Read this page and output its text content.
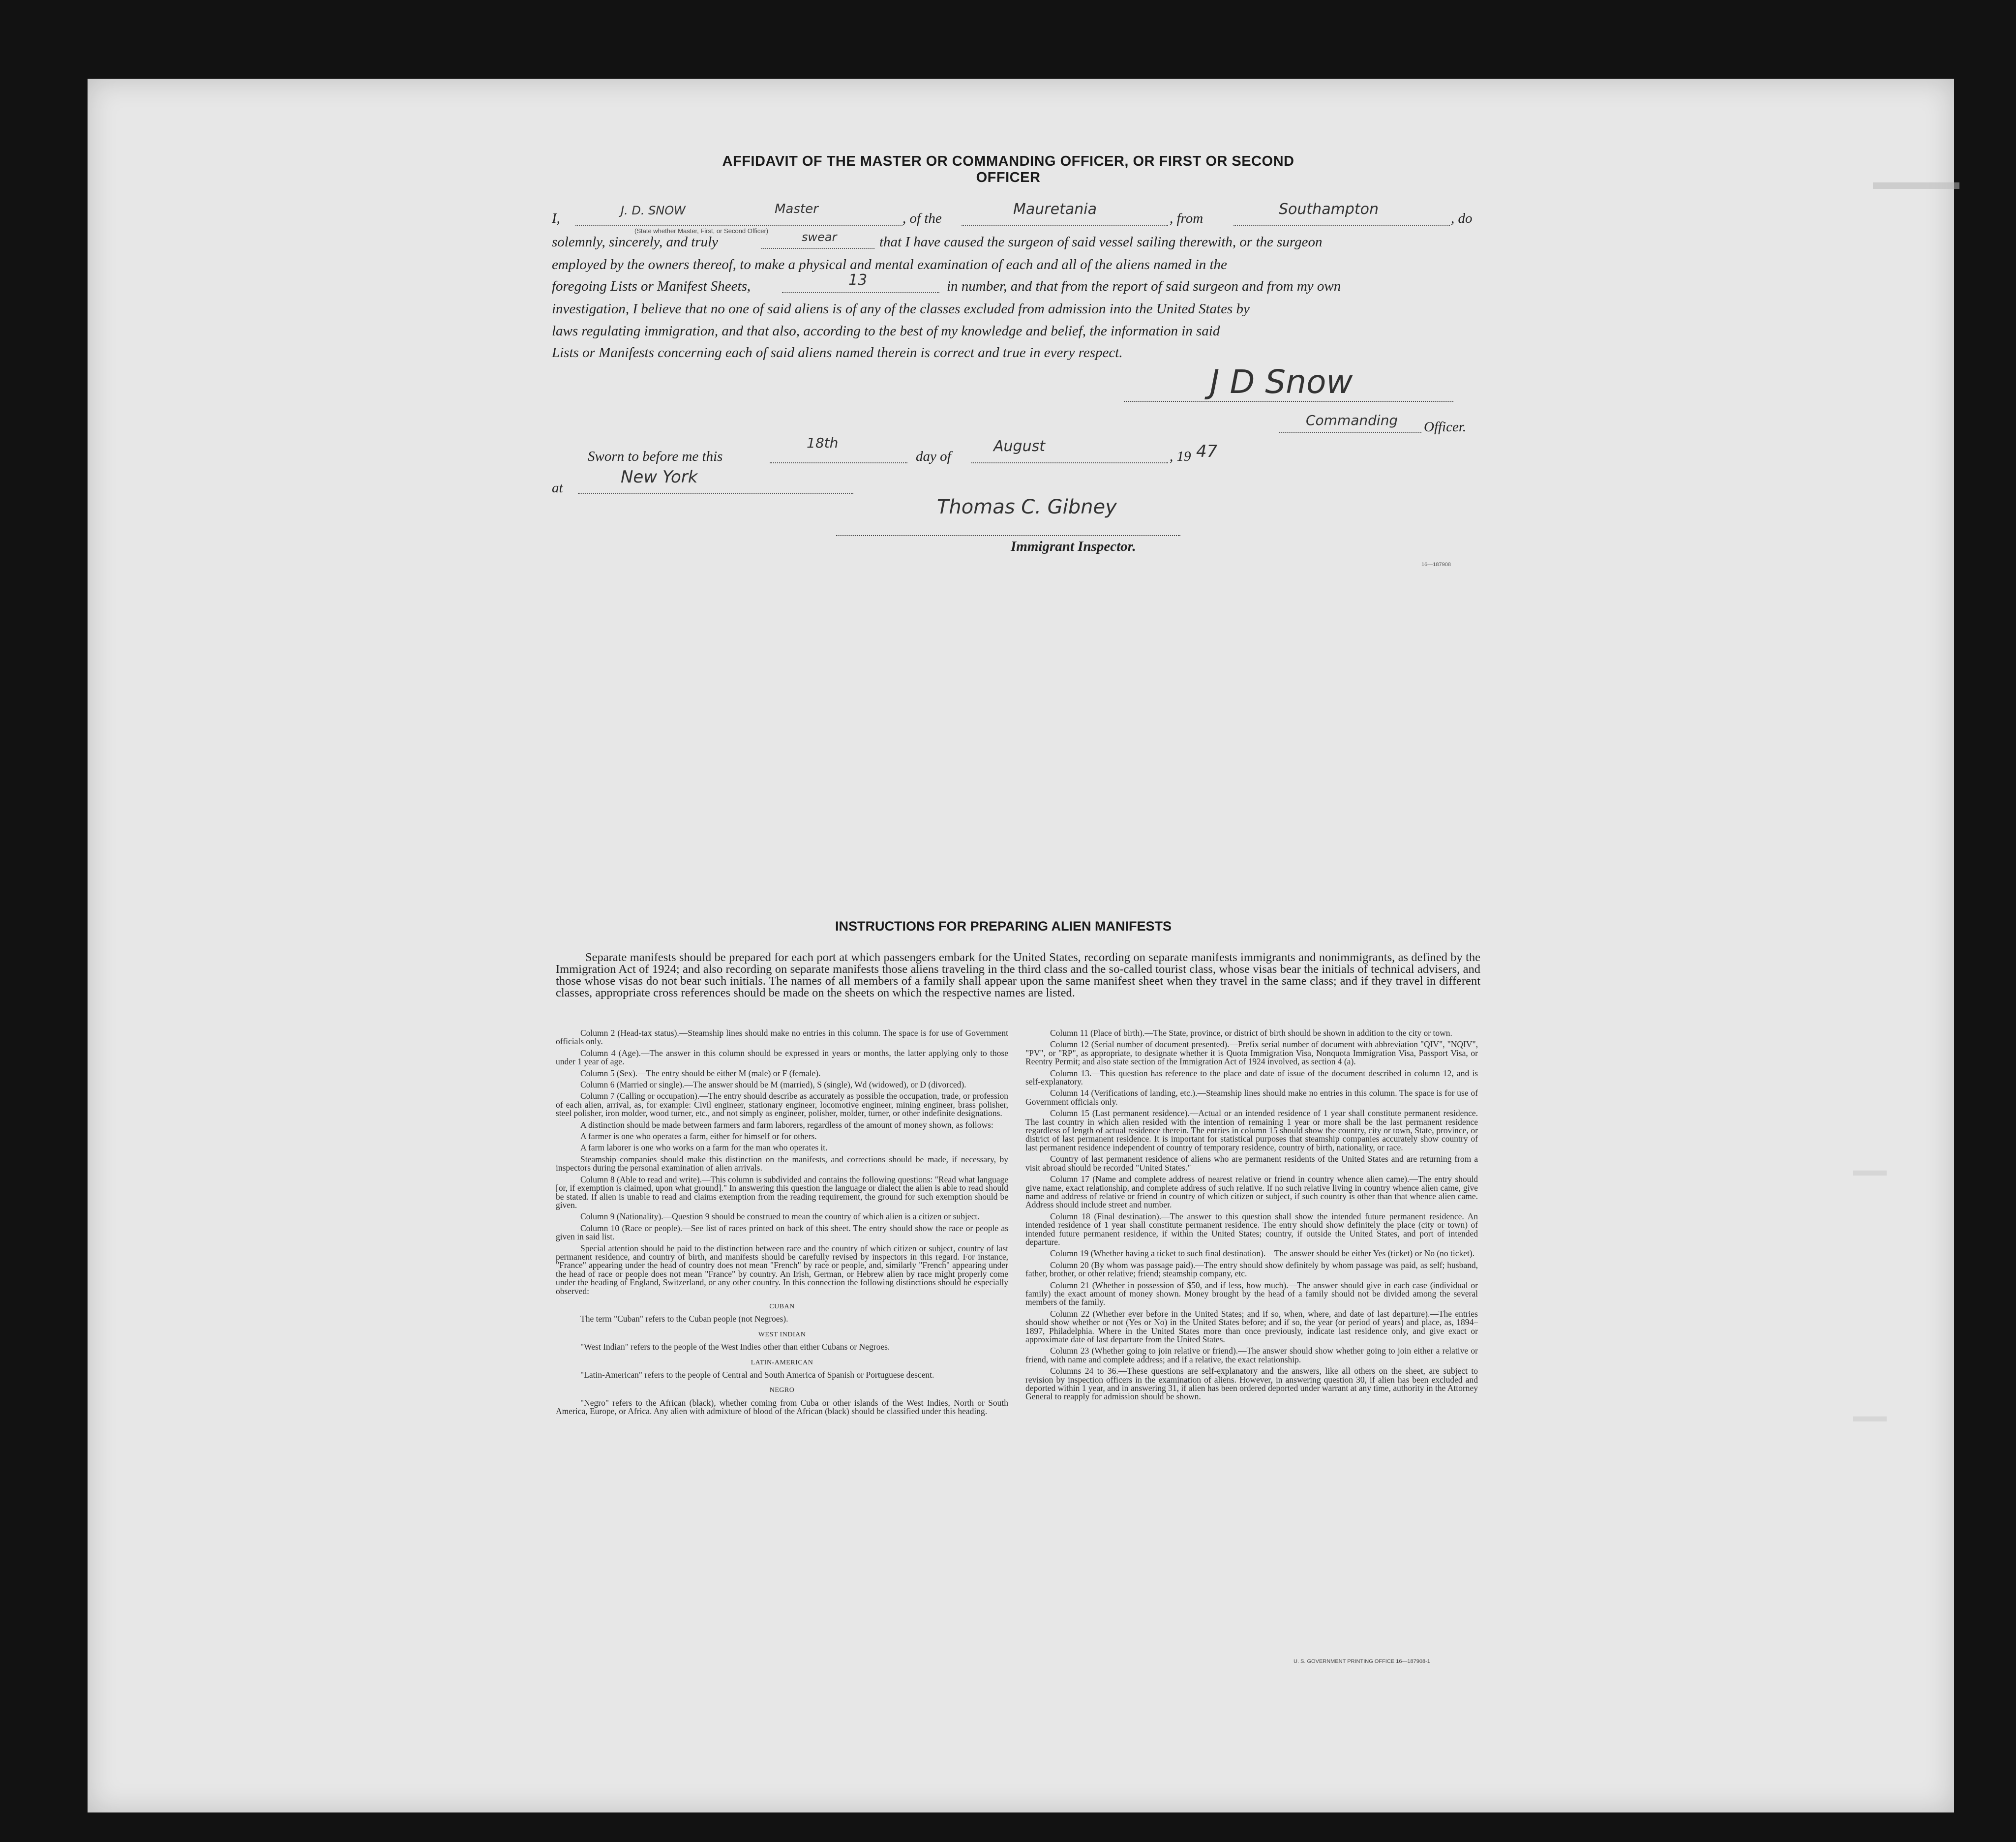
▬▬▬▬
▬▬
▬▬
AFFIDAVIT OF THE MASTER OR COMMANDING OFFICER, OR FIRST OR SECOND OFFICER
I,	J. D. SNOW	Master
(State whether Master, First, or Second Officer)
, of the
Mauretania
, from
Southampton
, do
solemnly, sincerely, and truly	swear	that I have caused the surgeon of said vessel sailing therewith, or the surgeon
employed by the owners thereof, to make a physical and mental examination of each and all of the aliens named in the
foregoing Lists or Manifest Sheets,	13	in number, and that from the report of said surgeon and from my own
investigation, I believe that no one of said aliens is of any of the classes excluded from admission into the United States by
laws regulating immigration, and that also, according to the best of my knowledge and belief, the information in said
Lists or Manifests concerning each of said aliens named therein is correct and true in every respect.
J D Snow
Commanding Officer.
Sworn to before me this
18th
day of
August
, 19 47
at
New York
Thomas C. Gibney
Immigrant Inspector.
16—187908
INSTRUCTIONS FOR PREPARING ALIEN MANIFESTS
Separate manifests should be prepared for each port at which passengers embark for the United States, recording on separate manifests immigrants and nonimmigrants, as defined by the Immigration Act of 1924; and also recording on separate manifests those aliens traveling in the third class and the so-called tourist class, whose visas bear the initials of technical advisers, and those whose visas do not bear such initials. The names of all members of a family shall appear upon the same manifest sheet when they travel in the same class; and if they travel in different classes, appropriate cross references should be made on the sheets on which the respective names are listed.

Column 2 (Head-tax status).—Steamship lines should make no entries in this column. The space is for use of Government officials only.

Column 4 (Age).—The answer in this column should be expressed in years or months, the latter applying only to those under 1 year of age.

Column 5 (Sex).—The entry should be either M (male) or F (female).

Column 6 (Married or single).—The answer should be M (married), S (single), Wd (widowed), or D (divorced).

Column 7 (Calling or occupation).—The entry should describe as accurately as possible the occupation, trade, or profession of each alien, arrival, as, for example: Civil engineer, stationary engineer, locomotive engineer, mining engineer, brass polisher, steel polisher, iron molder, wood turner, etc., and not simply as engineer, polisher, molder, turner, or other indefinite designations.

A distinction should be made between farmers and farm laborers, regardless of the amount of money shown, as follows:

A farmer is one who operates a farm, either for himself or for others.

A farm laborer is one who works on a farm for the man who operates it.

Steamship companies should make this distinction on the manifests, and corrections should be made, if necessary, by inspectors during the personal examination of alien arrivals.

Column 8 (Able to read and write).—This column is subdivided and contains the following questions: "Read what language [or, if exemption is claimed, upon what ground]." In answering this question the language or dialect the alien is able to read should be stated. If alien is unable to read and claims exemption from the reading requirement, the ground for such exemption should be given.

Column 9 (Nationality).—Question 9 should be construed to mean the country of which alien is a citizen or subject.

Column 10 (Race or people).—See list of races printed on back of this sheet. The entry should show the race or people as given in said list.

Special attention should be paid to the distinction between race and the country of which citizen or subject, country of last permanent residence, and country of birth, and manifests should be carefully revised by inspectors in this regard. For instance, "France" appearing under the head of country does not mean "French" by race or people, and, similarly "French" appearing under the head of race or people does not mean "France" by country. An Irish, German, or Hebrew alien by race might properly come under the heading of England, Switzerland, or any other country. In this connection the following distinctions should be especially observed:

CUBAN

The term "Cuban" refers to the Cuban people (not Negroes).

WEST INDIAN

"West Indian" refers to the people of the West Indies other than either Cubans or Negroes.

LATIN-AMERICAN

"Latin-American" refers to the people of Central and South America of Spanish or Portuguese descent.

NEGRO

"Negro" refers to the African (black), whether coming from Cuba or other islands of the West Indies, North or South America, Europe, or Africa. Any alien with admixture of blood of the African (black) should be classified under this heading.

Column 11 (Place of birth).—The State, province, or district of birth should be shown in addition to the city or town.

Column 12 (Serial number of document presented).—Prefix serial number of document with abbreviation "QIV", "NQIV", "PV", or "RP", as appropriate, to designate whether it is Quota Immigration Visa, Nonquota Immigration Visa, Passport Visa, or Reentry Permit; and also state section of the Immigration Act of 1924 involved, as section 4 (a).

Column 13.—This question has reference to the place and date of issue of the document described in column 12, and is self-explanatory.

Column 14 (Verifications of landing, etc.).—Steamship lines should make no entries in this column. The space is for use of Government officials only.

Column 15 (Last permanent residence).—Actual or an intended residence of 1 year shall constitute permanent residence. The last country in which alien resided with the intention of remaining 1 year or more shall be the last permanent residence regardless of length of actual residence therein. The entries in column 15 should show the country, city or town, State, province, or district of last permanent residence. It is important for statistical purposes that steamship companies accurately show country of last permanent residence independent of country of temporary residence, country of birth, nationality, or race.

Country of last permanent residence of aliens who are permanent residents of the United States and are returning from a visit abroad should be recorded "United States."

Column 17 (Name and complete address of nearest relative or friend in country whence alien came).—The entry should give name, exact relationship, and complete address of such relative. If no such relative living in country whence alien came, give name and address of relative or friend in country of which citizen or subject, if such country is other than that whence alien came. Address should include street and number.

Column 18 (Final destination).—The answer to this question shall show the intended future permanent residence. An intended residence of 1 year shall constitute permanent residence. The entry should show definitely the place (city or town) of intended future permanent residence, if within the United States; country, if outside the United States, and port of intended departure.

Column 19 (Whether having a ticket to such final destination).—The answer should be either Yes (ticket) or No (no ticket).

Column 20 (By whom was passage paid).—The entry should show definitely by whom passage was paid, as self; husband, father, brother, or other relative; friend; steamship company, etc.

Column 21 (Whether in possession of $50, and if less, how much).—The answer should give in each case (individual or family) the exact amount of money shown. Money brought by the head of a family should not be divided among the several members of the family.

Column 22 (Whether ever before in the United States; and if so, when, where, and date of last departure).—The entries should show whether or not (Yes or No) in the United States before; and if so, the year (or period of years) and place, as, 1894–1897, Philadelphia. Where in the United States more than once previously, indicate last residence only, and give exact or approximate date of last departure from the United States.

Column 23 (Whether going to join relative or friend).—The answer should show whether going to join either a relative or friend, with name and complete address; and if a relative, the exact relationship.

Columns 24 to 36.—These questions are self-explanatory and the answers, like all others on the sheet, are subject to revision by inspection officers in the examination of aliens. However, in answering question 30, if alien has been excluded and deported within 1 year, and in answering 31, if alien has been ordered deported under warrant at any time, authority in the Attorney General to reapply for admission should be shown.

U. S. GOVERNMENT PRINTING OFFICE 16—187908-1
